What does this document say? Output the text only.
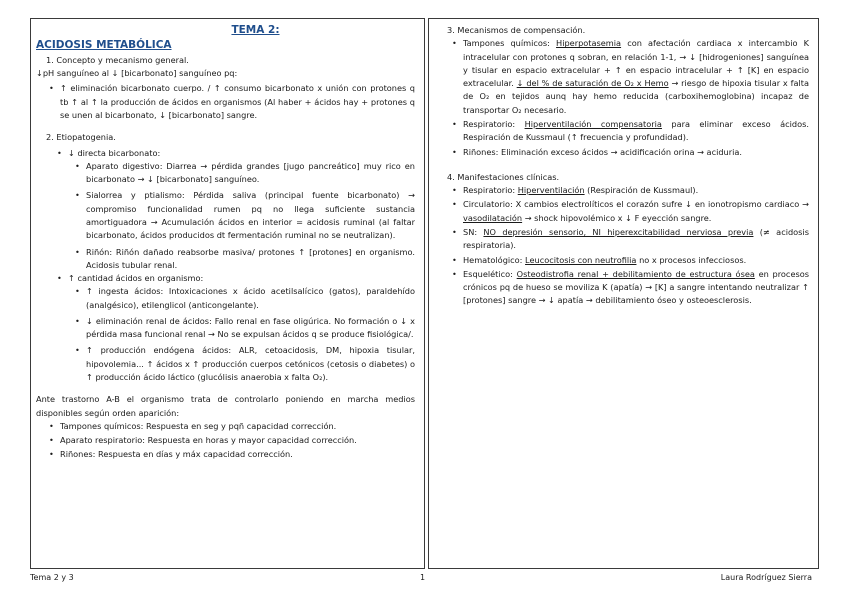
TEMA 2:
ACIDOSIS METABÓLICA
1. Concepto y mecanismo general.
↓pH sanguíneo al ↓ [bicarbonato] sanguíneo pq:
• ↑ eliminación bicarbonato cuerpo. / ↑ consumo bicarbonato x unión con protones q tb ↑ al ↑ la producción de ácidos en organismos (Al haber + ácidos hay + protones q se unen al bicarbonato, ↓ [bicarbonato] sangre.
2. Etiopatogenia.
• ↓ directa bicarbonato:
• Aparato digestivo: Diarrea → pérdida grandes [jugo pancreático] muy rico en bicarbonato → ↓ [bicarbonato] sanguíneo.
• Sialorrea y ptialismo: Pérdida saliva (principal fuente bicarbonato) → compromiso funcionalidad rumen pq no llega suficiente sustancia amortiguadora → Acumulación ácidos en interior = acidosis ruminal (al faltar bicarbonato, ácidos producidos dt fermentación ruminal no se neutralizan).
• Riñón: Riñón dañado reabsorbe masiva/ protones ↑ [protones] en organismo. Acidosis tubular renal.
• ↑ cantidad ácidos en organismo:
• ↑ ingesta ácidos: Intoxicaciones x ácido acetilsalícico (gatos), paraldehído (analgésico), etilenglicol (anticongelante).
• ↓ eliminación renal de ácidos: Fallo renal en fase oligúrica. No formación o ↓ x pérdida masa funcional renal → No se expulsan ácidos q se produce fisiológica/.
• ↑ producción endógena ácidos: ALR, cetoacidosis, DM, hipoxia tisular, hipovolemia... ↑ ácidos x ↑ producción cuerpos cetónicos (cetosis o diabetes) o ↑ producción ácido láctico (glucólisis anaerobia x falta O₂).

Ante trastorno A-B el organismo trata de controlarlo poniendo en marcha medios disponibles según orden aparición:

• Tampones químicos: Respuesta en seg y pqñ capacidad corrección.
• Aparato respiratorio: Respuesta en horas y mayor capacidad corrección.
• Riñones: Respuesta en días y máx capacidad corrección.
3. Mecanismos de compensación.
• Tampones químicos: Hiperpotasemia con afectación cardiaca x intercambio K intracelular con protones q sobran, en relación 1-1, → ↓ [hidrogeniones] sanguínea y tisular en espacio extracelular + ↑ en espacio intracelular + ↑ [K] en espacio extracelular. ↓ del % de saturación de O₂ x Hemo → riesgo de hipoxia tisular x falta de O₂ en tejidos aunq hay hemo reducida (carboxihemoglobina) incapaz de transportar O₂ necesario.
• Respiratorio: Hiperventilación compensatoria para eliminar exceso ácidos. Respiración de Kussmaul (↑ frecuencia y profundidad).
• Riñones: Eliminación exceso ácidos → acidificación orina → aciduria.
4. Manifestaciones clínicas.
• Respiratorio: Hiperventilación (Respiración de Kussmaul).
• Circulatorio: X cambios electrolíticos el corazón sufre ↓ en ionotropismo cardiaco → vasodilatación → shock hipovolémico x ↓ F eyección sangre.
• SN: NO depresión sensorio, NI hiperexcitabilidad nerviosa previa (≠ acidosis respiratoria).
• Hematológico: Leucocitosis con neutrofilia no x procesos infecciosos.
• Esquelético: Osteodistrofia renal + debilitamiento de estructura ósea en procesos crónicos pq de hueso se moviliza K (apatía) → [K] a sangre intentando neutralizar ↑ [protones] sangre → ↓ apatía → debilitamiento óseo y osteoesclerosis.
Tema 2 y 3	1	Laura Rodríguez Sierra
